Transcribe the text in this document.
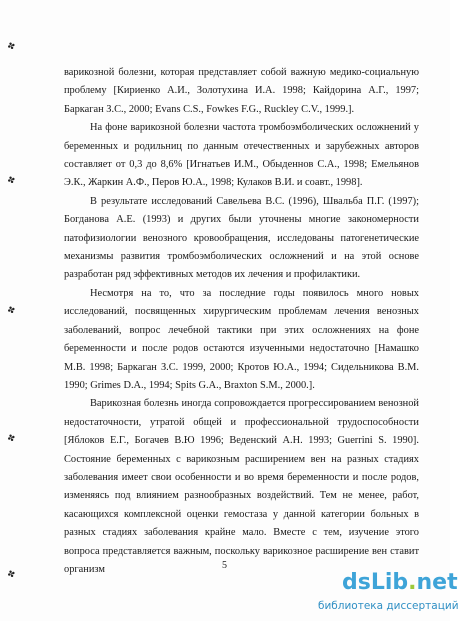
✤
✤
✤
✤
✤

варикозной болезни, которая представляет собой важную медико-социальную проблему [Кириенко А.И., Золотухина И.А. 1998; Кайдорина А.Г., 1997; Баркаган З.С., 2000; Evans C.S., Fowkes F.G., Ruckley C.V., 1999.].

На фоне варикозной болезни частота тромбоэмболических осложнений у беременных и родильниц по данным отечественных и зарубежных авторов составляет от 0,3 до 8,6% [Игнатьев И.М., Обыденнов С.А., 1998; Емельянов Э.К., Жаркин А.Ф., Перов Ю.А., 1998; Кулаков В.И. и соавт., 1998].

В результате исследований Савельева В.С. (1996), Швальба П.Г. (1997); Богданова А.Е. (1993) и других были уточнены многие закономерности патофизиологии венозного кровообращения, исследованы патогенетические механизмы развития тромбоэмболических осложнений и на этой основе разработан ряд эффективных методов их лечения и профилактики.

Несмотря на то, что за последние годы появилось много новых исследований, посвященных хирургическим проблемам лечения венозных заболеваний, вопрос лечебной тактики при этих осложнениях на фоне беременности и после родов остаются изученными недостаточно [Намашко М.В. 1998; Баркаган З.С. 1999, 2000; Кротов Ю.А., 1994; Сидельникова В.М. 1990; Grimes D.A., 1994; Spits G.A., Braxton S.M., 2000.].

Варикозная болезнь иногда сопровождается прогрессированием венозной недостаточности, утратой общей и профессиональной трудоспособности [Яблоков Е.Г., Богачев В.Ю 1996; Веденский А.Н. 1993; Guerrini S. 1990]. Состояние беременных с варикозным расширением вен на разных стадиях заболевания имеет свои особенности и во время беременности и после родов, изменяясь под влиянием разнообразных воздействий. Тем не менее, работ, касающихся комплексной оценки гемостаза у данной категории больных в разных стадиях заболевания крайне мало. Вместе с тем, изучение этого вопроса представляется важным, поскольку варикозное расширение вен ставит организм	5
dsLib.net
библиотека диссертаций
